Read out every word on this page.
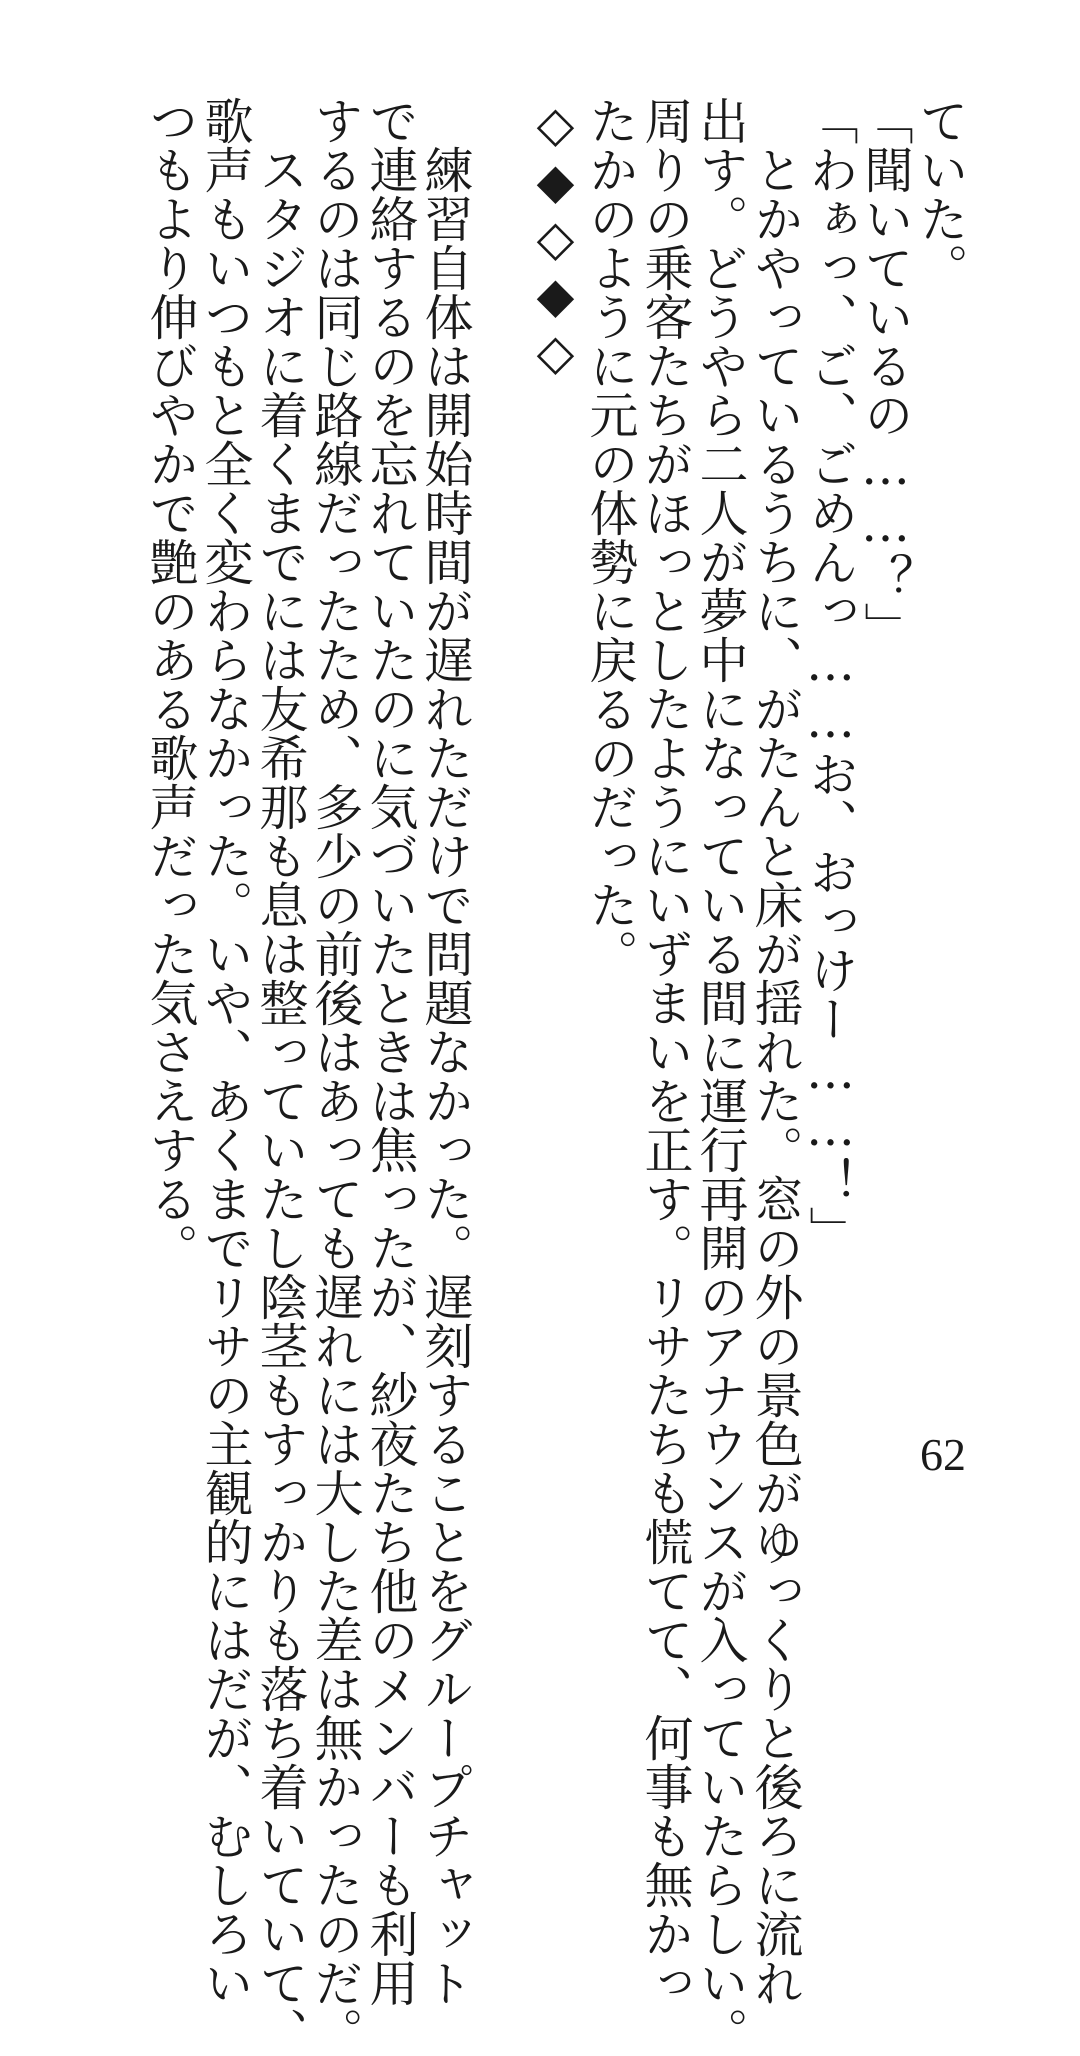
ていた。
「聞いているの……？」
「わぁっ、ご、ごめんっ……お、おっけー……！」
　とかやっているうちに、がたんと床が揺れた。窓の外の景色がゆっくりと後ろに流れ
出す。どうやら二人が夢中になっている間に運行再開のアナウンスが入っていたらしい。
周りの乗客たちがほっとしたようにいずまいを正す。リサたちも慌てて、何事も無かっ
たかのように元の体勢に戻るのだった。
◇◆◇◆◇
　練習自体は開始時間が遅れただけで問題なかった。遅刻することをグループチャット
で連絡するのを忘れていたのに気づいたときは焦ったが、紗夜たち他のメンバーも利用
するのは同じ路線だったため、多少の前後はあっても遅れには大した差は無かったのだ。
　スタジオに着くまでには友希那も息は整っていたし陰茎もすっかりも落ち着いていて、
歌声もいつもと全く変わらなかった。いや、あくまでリサの主観的にはだが、むしろい
つもより伸びやかで艶のある歌声だった気さえする。
62
